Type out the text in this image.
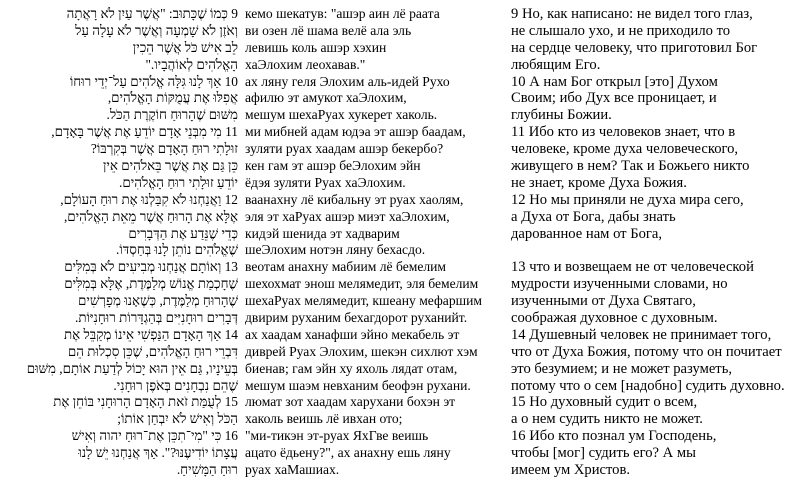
9 כְּמוֹ שֶׁכָּתוּב: "אֲשֶׁר עַיִן לֹא רָאֲתָה
וְאֹזֶן לֹא שָׁמְעָה וְאֲשֶׁר לֹא עָלָה עַל
לֵב אִישׁ כֹּל אֲשֶׁר הֵכִין
הָאֱלֹהִים לְאוֹהֲבָיו."
10 אַךְ לָנוּ גִּלָּה אֱלֹהִים עַל־יְדֵי רוּחוֹ
אֲפִלּוּ אֶת עֲמֻקּוֹת הָאֱלֹהִים,
מִשּׁוּם שֶׁהָרוּחַ חוֹקֶרֶת הַכֹּל.
11 מִי מִבְּנֵי אָדָם יוֹדֵעַ אֶת אֲשֶׁר בָּאָדָם,
זוּלָתִי רוּחַ הָאָדָם אֲשֶׁר בְּקִרְבּוֹ?
כֵּן גַּם אֶת אֲשֶׁר בֵּאלֹהִים אֵין
יוֹדֵעַ זוּלָתִי רוּחַ הָאֱלֹהִים.
12 וַאֲנַחְנוּ לֹא קִבַּלְנוּ אֶת רוּחַ הָעוֹלָם,
אֶלָּא אֶת הָרוּחַ אֲשֶׁר מֵאֵת הָאֱלֹהִים,
כְּדֵי שֶׁנֵּדַע אֶת הַדְּבָרִים
שֶׁאֱלֹהִים נוֹתֵן לָנוּ בְּחַסְדּוֹ.
13 וְאוֹתָם אֲנַחְנוּ מְבִיעִים לֹא בְּמִלִּים
שֶׁחָכְמַת אֱנוֹשׁ מְלַמֶּדֶת, אֶלָּא בְּמִלִּים
שֶׁהָרוּחַ מְלַמֶּדֶת, כְּשֶׁאָנוּ מְפָרְשִׁים
דְּבָרִים רוּחָנִיִּים בְּהַגְדָּרוֹת רוּחָנִיּוֹת.
14 אַךְ הָאָדָם הַנַּפְשִׁי אֵינוֹ מְקַבֵּל אֶת
דִּבְרֵי רוּחַ הָאֱלֹהִים, שֶׁכֵּן סִכְלוּת הֵם
בְּעֵינָיו, גַּם אֵין הוּא יָכוֹל לְדַעַת אוֹתָם, מִשּׁוּם
שֶׁהֵם נִבְחָנִים בְּאֹפֶן רוּחָנִי.
15 לְעֻמַּת זֹאת הָאָדָם הָרוּחָנִי בּוֹחֵן אֶת
הַכֹּל וְאִישׁ לֹא יִבְחַן אוֹתוֹ;
16 כִּי "מִי־תִכֵּן אֶת־רוּחַ יהוה וְאִישׁ
עֲצָתוֹ יוֹדִיעֶנּוּ?". אַךְ אֲנַחְנוּ יֵשׁ לָנוּ
רוּחַ הַמָּשִׁיחַ.
кемо шекатув: "ашэр аин лё раата
ви озен лё шама велё ала эль
левишь коль ашэр хэхин
хаЭлохим леохавав."
ах ляну геля Элохим аль-идей Рухо
афилю эт амукот хаЭлохим,
мешум шехаРуах хукерет хаколь.
ми мибней адам юдэа эт ашэр баадам,
зуляти руах хаадам ашэр бекербо?
кен гам эт ашэр беЭлохим эйн
ёдэя зуляти Руах хаЭлохим.
ваанахну лё кибальну эт руах хаолям,
эля эт хаРуах ашэр миэт хаЭлохим,
кидэй шенида эт хадварим
шеЭлохим нотэн ляну бехасдо.
веотам анахну мабиим лё бемелим
шехохмат энош мелямедит, эля бемелим
шехаРуах мелямедит, кшеану мефаршим
двирим руханим бехагдорот руханийт.
ах хаадам ханафши эйно мекабель эт
диврей Руах Элохим, шекэн сихлют хэм
биенав; гам эйн ху яхоль лядат отам,
мешум шаэм невханим беофэн рухани.
люмат зот хаадам харухани бохэн эт
хаколь веишь лё ивхан ото;
"ми-тикэн эт-руах ЯхГве веишь
ацато ёдьену?", ах анахну ешь ляну
руах хаМашиах.
9 Но, как написано: не видел того глаз,
не слышало ухо, и не приходило то
на сердце человеку, что приготовил Бог
любящим Его.
10 А нам Бог открыл [это] Духом
Своим; ибо Дух все проницает, и
глубины Божии.
11 Ибо кто из человеков знает, что в
человеке, кроме духа человеческого,
живущего в нем? Так и Божьего никто
не знает, кроме Духа Божия.
12 Но мы приняли не духа мира сего,
а Духа от Бога, дабы знать
дарованное нам от Бога,
13 что и возвещаем не от человеческой
мудрости изученными словами, но
изученными от Духа Святаго,
соображая духовное с духовным.
14 Душевный человек не принимает того,
что от Духа Божия, потому что он почитает
это безумием; и не может разуметь,
потому что о сем [надобно] судить духовно.
15 Но духовный судит о всем,
а о нем судить никто не может.
16 Ибо кто познал ум Господень,
чтобы [мог] судить его? А мы
имеем ум Христов.
